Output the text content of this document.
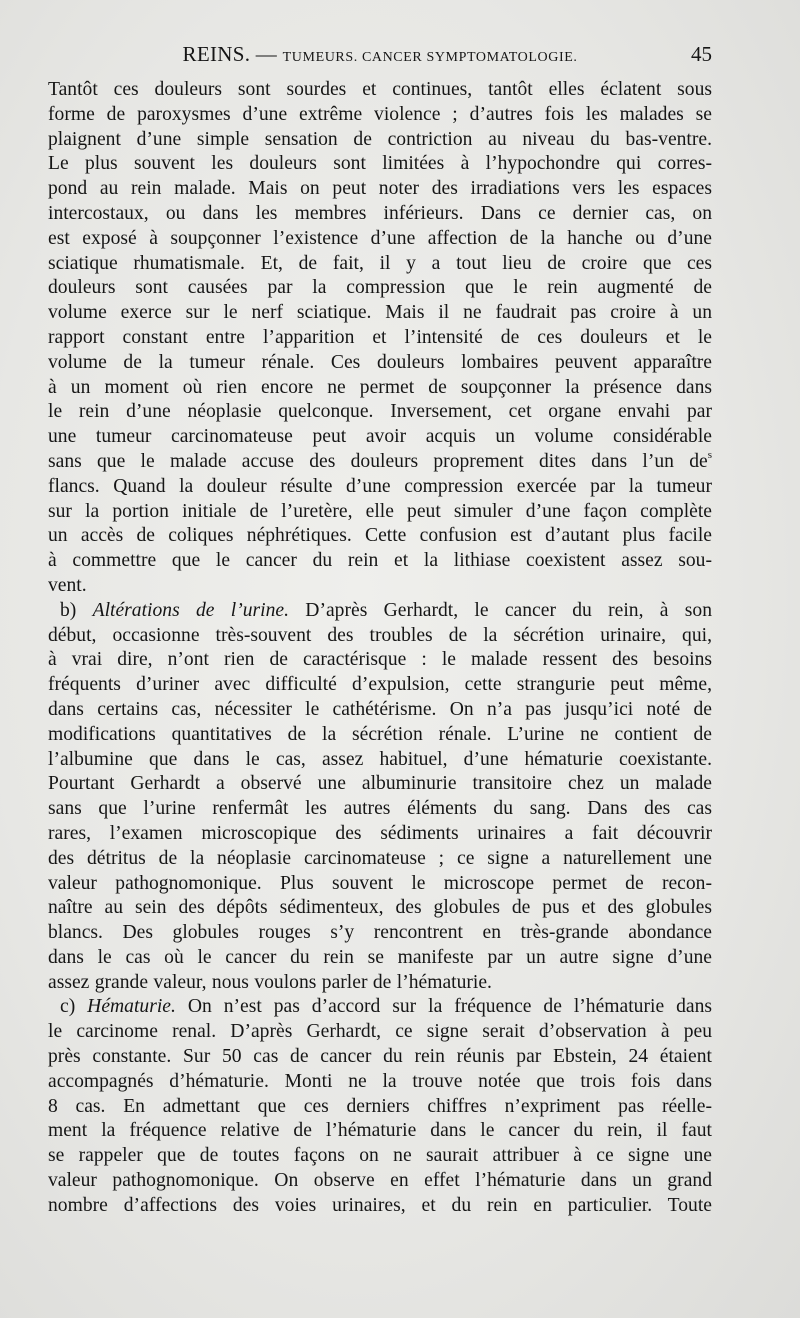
REINS. — TUMEURS. CANCER SYMPTOMATOLOGIE.	45
Tantôt ces douleurs sont sourdes et continues, tantôt elles éclatent sous
forme de paroxysmes d’une extrême violence ; d’autres fois les malades se
plaignent d’une simple sensation de contriction au niveau du bas-ventre.
Le plus souvent les douleurs sont limitées à l’hypochondre qui corres-
pond au rein malade. Mais on peut noter des irradiations vers les espaces
intercostaux, ou dans les membres inférieurs. Dans ce dernier cas, on
est exposé à soupçonner l’existence d’une affection de la hanche ou d’une
sciatique rhumatismale. Et, de fait, il y a tout lieu de croire que ces
douleurs sont causées par la compression que le rein augmenté de
volume exerce sur le nerf sciatique. Mais il ne faudrait pas croire à un
rapport constant entre l’apparition et l’intensité de ces douleurs et le
volume de la tumeur rénale. Ces douleurs lombaires peuvent apparaître
à un moment où rien encore ne permet de soupçonner la présence dans
le rein d’une néoplasie quelconque. Inversement, cet organe envahi par
une tumeur carcinomateuse peut avoir acquis un volume considérable
sans que le malade accuse des douleurs proprement dites dans l’un $de^s$
flancs. Quand la douleur résulte d’une compression exercée par la tumeur
sur la portion initiale de l’uretère, elle peut simuler d’une façon complète
un accès de coliques néphrétiques. Cette confusion est d’autant plus facile
à commettre que le cancer du rein et la lithiase coexistent assez sou-
vent.
b) Altérations de l’urine. D’après Gerhardt, le cancer du rein, à son
début, occasionne très-souvent des troubles de la sécrétion urinaire, qui,
à vrai dire, n’ont rien de caractérisque : le malade ressent des besoins
fréquents d’uriner avec difficulté d’expulsion, cette strangurie peut même,
dans certains cas, nécessiter le cathétérisme. On n’a pas jusqu’ici noté de
modifications quantitatives de la sécrétion rénale. L’urine ne contient de
l’albumine que dans le cas, assez habituel, d’une hématurie coexistante.
Pourtant Gerhardt a observé une albuminurie transitoire chez un malade
sans que l’urine renfermât les autres éléments du sang. Dans des cas
rares, l’examen microscopique des sédiments urinaires a fait découvrir
des détritus de la néoplasie carcinomateuse ; ce signe a naturellement une
valeur pathognomonique. Plus souvent le microscope permet de recon-
naître au sein des dépôts sédimenteux, des globules de pus et des globules
blancs. Des globules rouges s’y rencontrent en très-grande abondance
dans le cas où le cancer du rein se manifeste par un autre signe d’une
assez grande valeur, nous voulons parler de l’hématurie.
c) Hématurie. On n’est pas d’accord sur la fréquence de l’hématurie dans
le carcinome renal. D’après Gerhardt, ce signe serait d’observation à peu
près constante. Sur 50 cas de cancer du rein réunis par Ebstein, 24 étaient
accompagnés d’hématurie. Monti ne la trouve notée que trois fois dans
8 cas. En admettant que ces derniers chiffres n’expriment pas réelle-
ment la fréquence relative de l’hématurie dans le cancer du rein, il faut
se rappeler que de toutes façons on ne saurait attribuer à ce signe une
valeur pathognomonique. On observe en effet l’hématurie dans un grand
nombre d’affections des voies urinaires, et du rein en particulier. Toute
